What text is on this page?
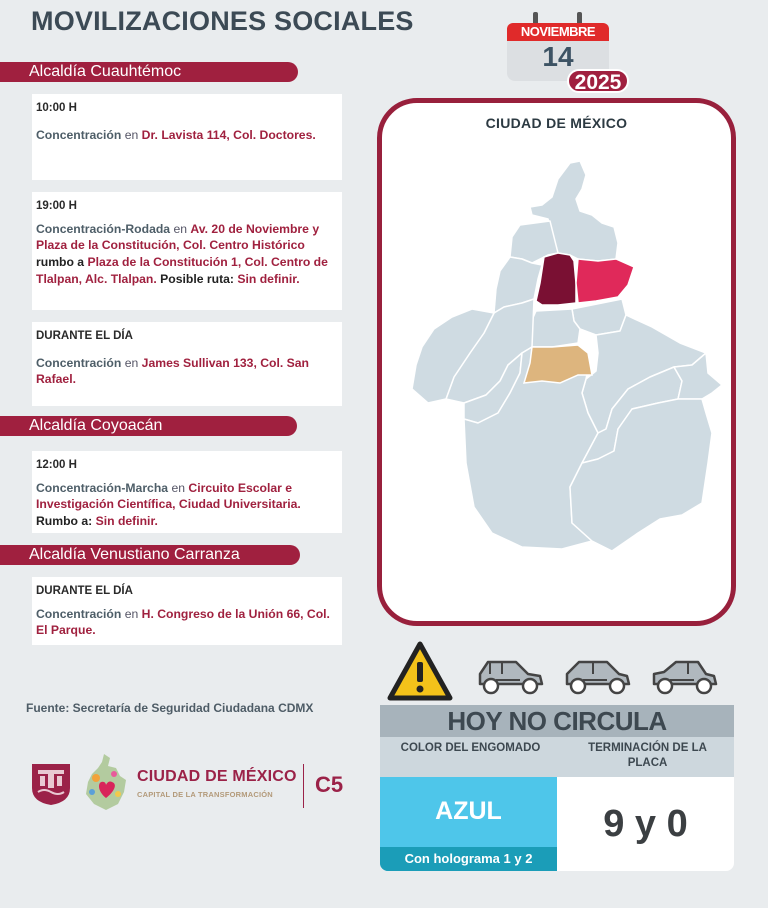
MOVILIZACIONES SOCIALES	NOVIEMBRE
14
2025
Alcaldía Cuauhtémoc
Alcaldía Coyoacán
Alcaldía Venustiano Carranza
10:00 H
Concentración en Dr. Lavista 114, Col. Doctores.
19:00 H
Concentración-Rodada en Av. 20 de Noviembre y Plaza de la Constitución, Col. Centro Histórico rumbo a Plaza de la Constitución 1, Col. Centro de Tlalpan, Alc. Tlalpan. Posible ruta: Sin definir.
DURANTE EL DÍA
Concentración en James Sullivan 133, Col. San Rafael.
12:00 H
Concentración-Marcha en Circuito Escolar e Investigación Científica, Ciudad Universitaria. Rumbo a: Sin definir.
DURANTE EL DÍA
Concentración en H. Congreso de la Unión 66, Col. El Parque.
Fuente: Secretaría de Seguridad Ciudadana CDMX
CIUDAD DE MÉXICO
CAPITAL DE LA TRANSFORMACIÓN C5
CIUDAD DE MÉXICO
HOY NO CIRCULA
COLOR DEL ENGOMADO	TERMINACIÓN DE LA PLACA
AZUL
Con holograma 1 y 2
9 y 0
